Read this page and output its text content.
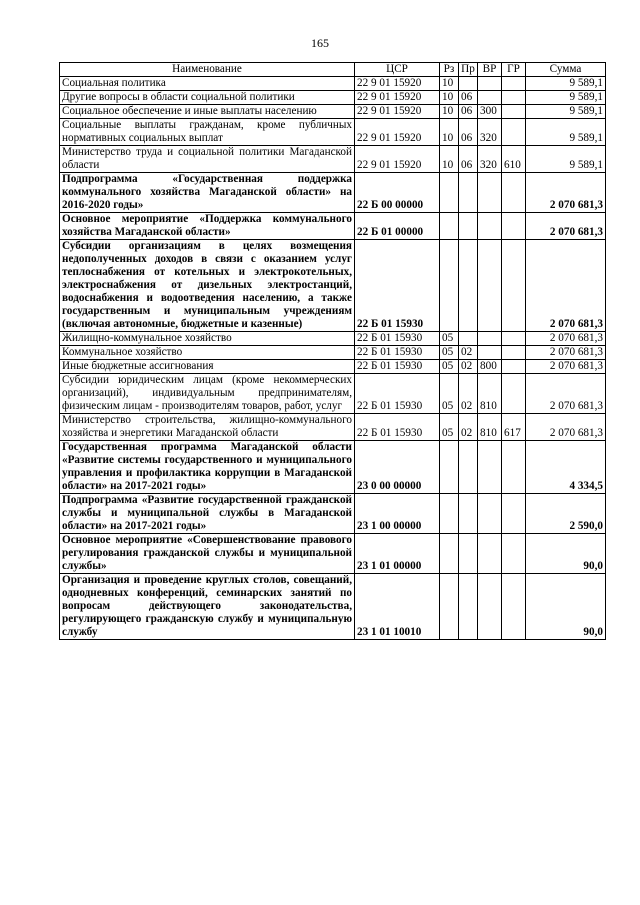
165
Наименование	ЦСР	Рз	Пр	ВР	ГР	Сумма
Социальная политика	22 9 01 15920	10				9 589,1
Другие вопросы в области социальной политики	22 9 01 15920	10	06			9 589,1
Социальное обеспечение и иные выплаты населению	22 9 01 15920	10	06	300		9 589,1
Социальные выплаты гражданам, кроме публичных нормативных социальных выплат	22 9 01 15920	10	06	320		9 589,1
Министерство труда и социальной политики Магаданской области	22 9 01 15920	10	06	320	610	9 589,1
Подпрограмма «Государственная поддержка коммунального хозяйства Магаданской области» на 2016-2020 годы»	22 Б 00 00000					2 070 681,3
Основное мероприятие «Поддержка коммунального хозяйства Магаданской области»	22 Б 01 00000					2 070 681,3
Субсидии организациям в целях возмещения недополученных доходов в связи с оказанием услуг теплоснабжения от котельных и электрокотельных, электроснабжения от дизельных электростанций, водоснабжения и водоотведения населению, а также государственным и муниципальным учреждениям (включая автономные, бюджетные и казенные)	22 Б 01 15930					2 070 681,3
Жилищно-коммунальное хозяйство	22 Б 01 15930	05				2 070 681,3
Коммунальное хозяйство	22 Б 01 15930	05	02			2 070 681,3
Иные бюджетные ассигнования	22 Б 01 15930	05	02	800		2 070 681,3
Субсидии юридическим лицам (кроме некоммерческих организаций), индивидуальным предпринимателям, физическим лицам - производителям товаров, работ, услуг	22 Б 01 15930	05	02	810		2 070 681,3
Министерство строительства, жилищно-коммунального хозяйства и энергетики Магаданской области	22 Б 01 15930	05	02	810	617	2 070 681,3
Государственная программа Магаданской области «Развитие системы государственного и муниципального управления и профилактика коррупции в Магаданской области» на 2017-2021 годы»	23 0 00 00000					4 334,5
Подпрограмма «Развитие государственной гражданской службы и муниципальной службы в Магаданской области» на 2017-2021 годы»	23 1 00 00000					2 590,0
Основное мероприятие «Совершенствование правового регулирования гражданской службы и муниципальной службы»	23 1 01 00000					90,0
Организация и проведение круглых столов, совещаний, однодневных конференций, семинарских занятий по вопросам действующего законодательства, регулирующего гражданскую службу и муниципальную службу	23 1 01 10010					90,0
